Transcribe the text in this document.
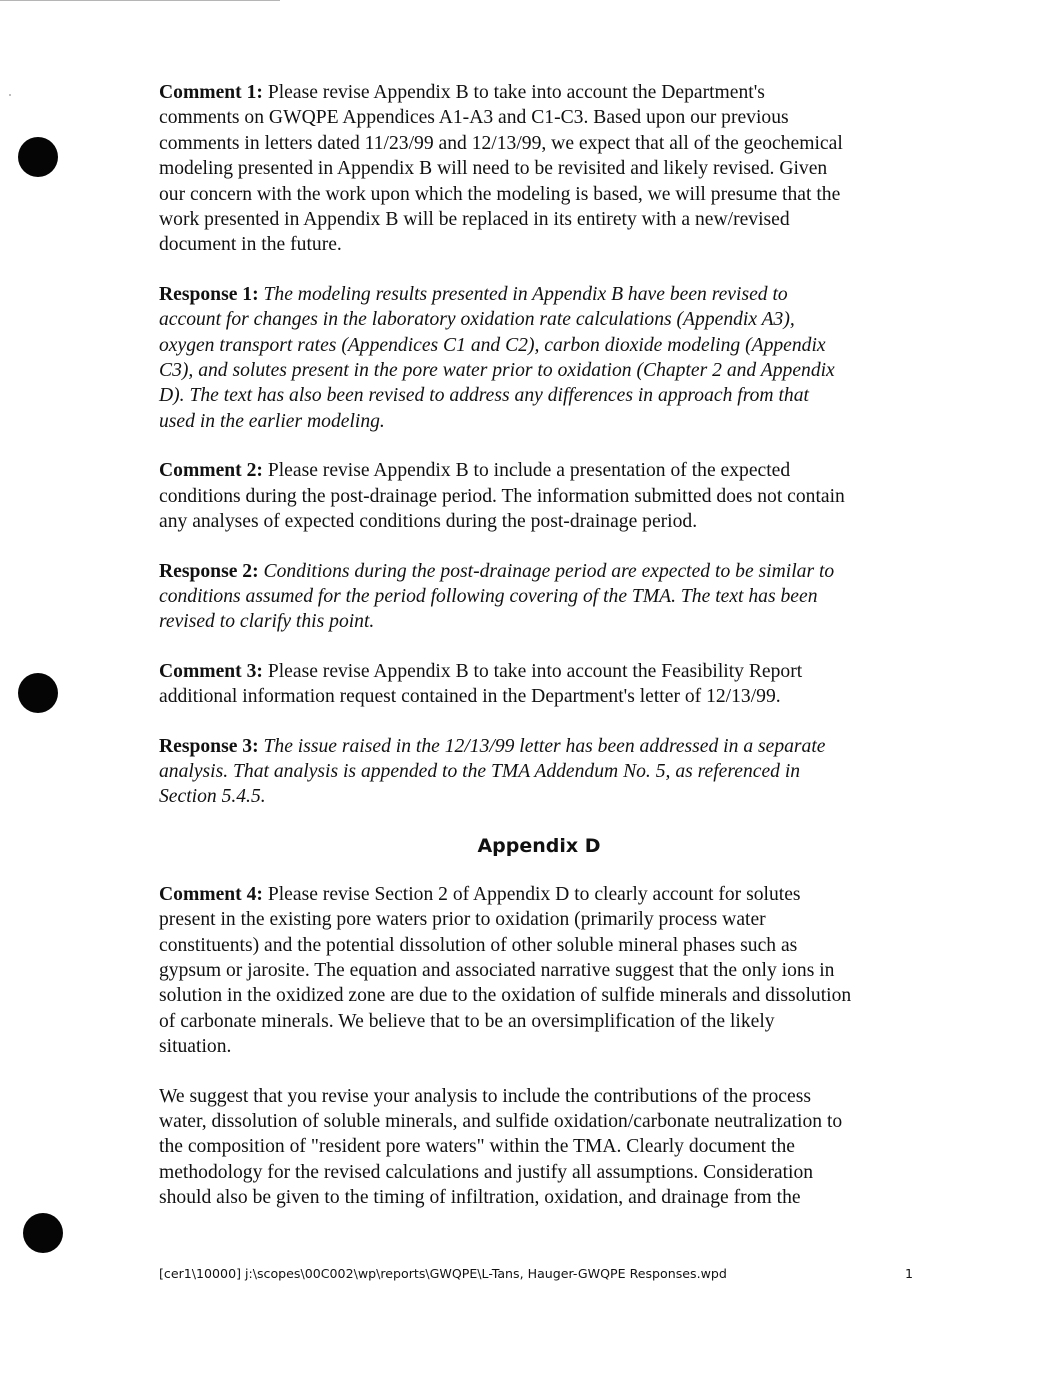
Comment 1: Please revise Appendix B to take into account the Department's
comments on GWQPE Appendices A1-A3 and C1-C3. Based upon our previous
comments in letters dated 11/23/99 and 12/13/99, we expect that all of the geochemical
modeling presented in Appendix B will need to be revisited and likely revised. Given
our concern with the work upon which the modeling is based, we will presume that the
work presented in Appendix B will be replaced in its entirety with a new/revised
document in the future.

Response 1: The modeling results presented in Appendix B have been revised to
account for changes in the laboratory oxidation rate calculations (Appendix A3),
oxygen transport rates (Appendices C1 and C2), carbon dioxide modeling (Appendix
C3), and solutes present in the pore water prior to oxidation (Chapter 2 and Appendix
D). The text has also been revised to address any differences in approach from that
used in the earlier modeling.

Comment 2: Please revise Appendix B to include a presentation of the expected
conditions during the post-drainage period. The information submitted does not contain
any analyses of expected conditions during the post-drainage period.

Response 2: Conditions during the post-drainage period are expected to be similar to
conditions assumed for the period following covering of the TMA. The text has been
revised to clarify this point.

Comment 3: Please revise Appendix B to take into account the Feasibility Report
additional information request contained in the Department's letter of 12/13/99.

Response 3: The issue raised in the 12/13/99 letter has been addressed in a separate
analysis. That analysis is appended to the TMA Addendum No. 5, as referenced in
Section 5.4.5.

Appendix D

Comment 4: Please revise Section 2 of Appendix D to clearly account for solutes
present in the existing pore waters prior to oxidation (primarily process water
constituents) and the potential dissolution of other soluble mineral phases such as
gypsum or jarosite. The equation and associated narrative suggest that the only ions in
solution in the oxidized zone are due to the oxidation of sulfide minerals and dissolution
of carbonate minerals. We believe that to be an oversimplification of the likely
situation.

We suggest that you revise your analysis to include the contributions of the process
water, dissolution of soluble minerals, and sulfide oxidation/carbonate neutralization to
the composition of "resident pore waters" within the TMA. Clearly document the
methodology for the revised calculations and justify all assumptions. Consideration
should also be given to the timing of infiltration, oxidation, and drainage from the

[cer1\10000] j:\scopes\00C002\wp\reports\GWQPE\L-Tans, Hauger-GWQPE Responses.wpd	1
